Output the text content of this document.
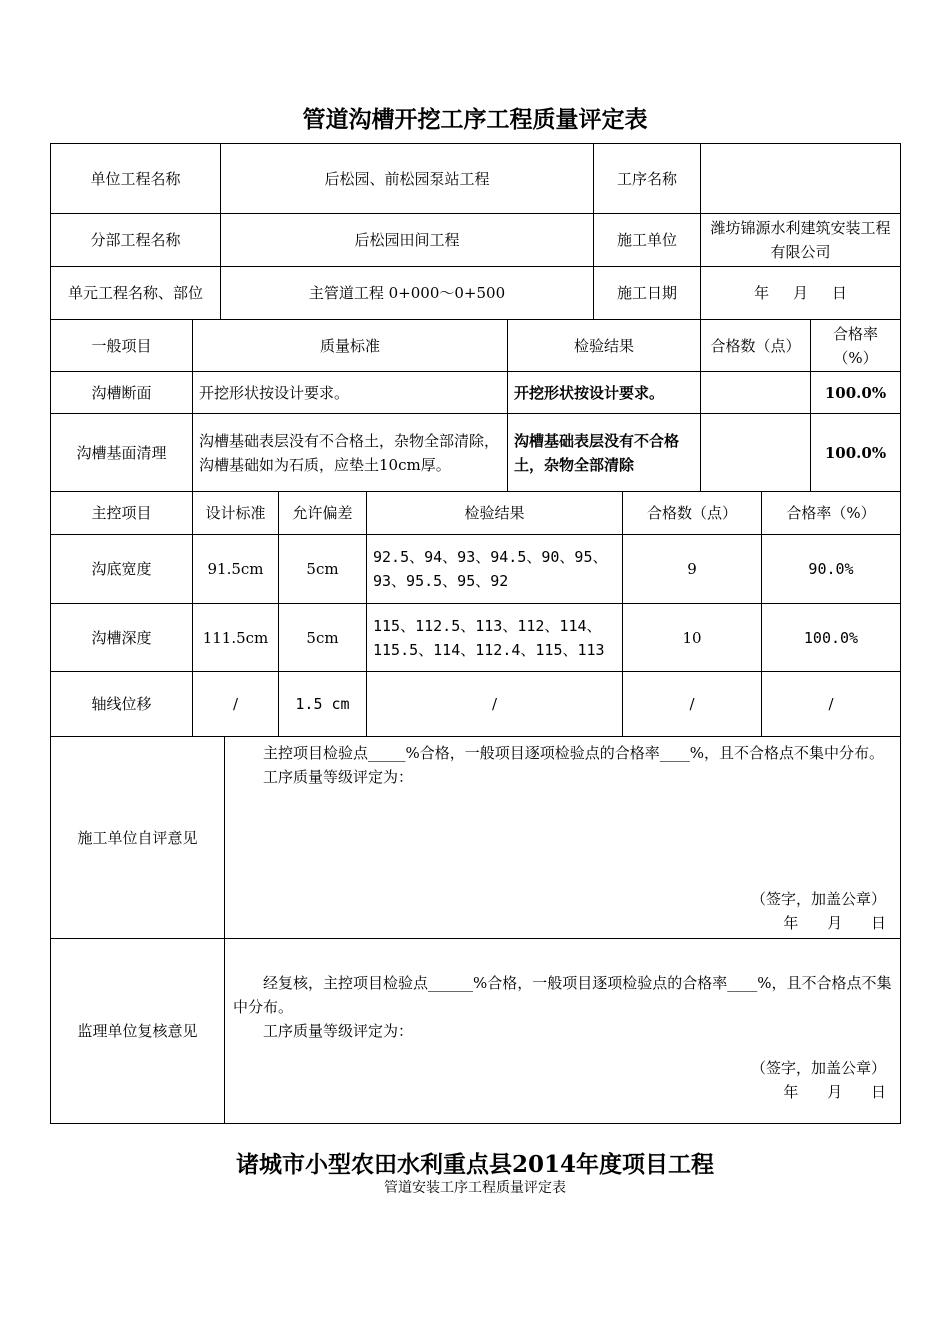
管道沟槽开挖工序工程质量评定表
单位工程名称	后松园、前松园泵站工程	工序名称	
分部工程名称	后松园田间工程	施工单位	潍坊锦源水利建筑安装工程有限公司
单元工程名称、部位	主管道工程 0+000～0+500	施工日期	年 月 日
一般项目	质量标准	检验结果	合格数（点）	合格率（%）
沟槽断面	开挖形状按设计要求。	开挖形状按设计要求。		100.0%
沟槽基面清理	沟槽基础表层没有不合格土，杂物全部清除，沟槽基础如为石质，应垫土10cm厚。	沟槽基础表层没有不合格土，杂物全部清除		100.0%
主控项目	设计标准	允许偏差	检验结果	合格数（点）	合格率（%）
沟底宽度	91.5cm	5cm	92.5、94、93、94.5、90、95、93、95.5、95、92	9	90.0%
沟槽深度	111.5cm	5cm	115、112.5、113、112、114、115.5、114、112.4、115、113	10	100.0%
轴线位移	/	1.5 cm	/	/	/
施工单位自评意见	主控项目检验点_____%合格，一般项目逐项检验点的合格率____%，且不合格点不集中分布。

工序质量等级评定为：

（签字，加盖公章）
年 月 日

监理单位复核意见	经复核，主控项目检验点______%合格，一般项目逐项检验点的合格率____%，且不合格点不集中分布。

工序质量等级评定为：

（签字，加盖公章）
年 月 日
诸城市小型农田水利重点县2014年度项目工程
管道安装工序工程质量评定表
